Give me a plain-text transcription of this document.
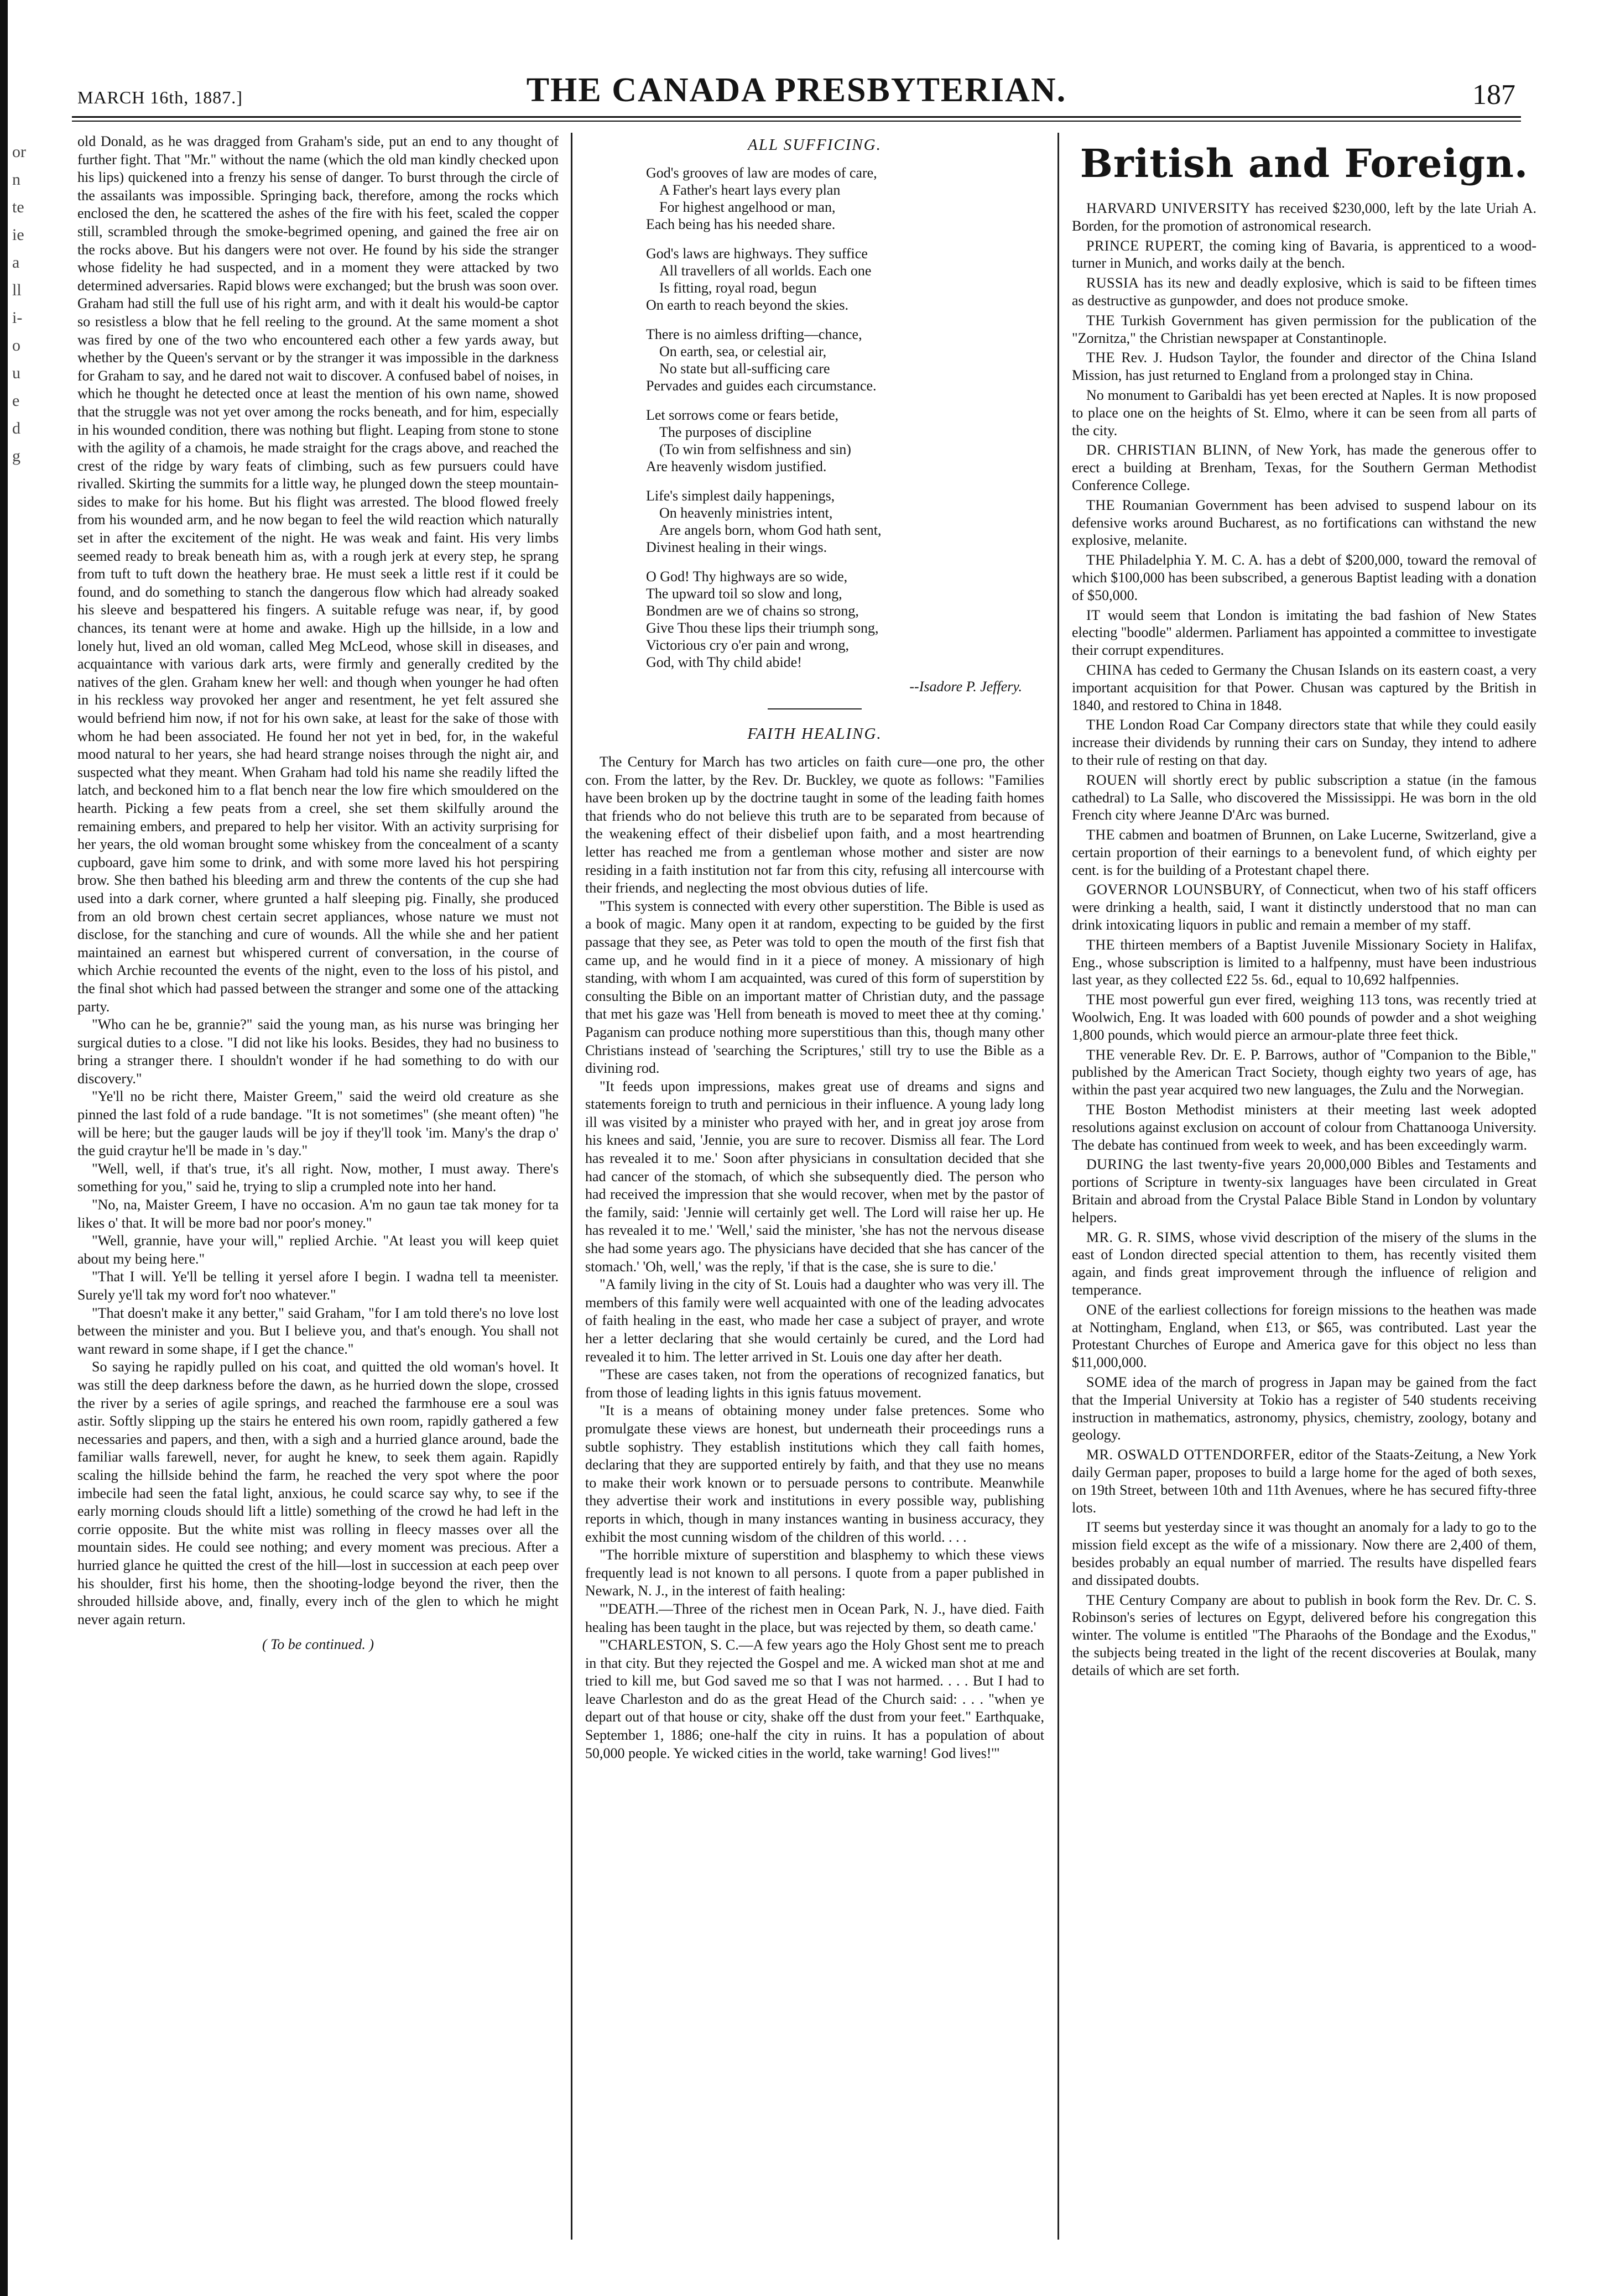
or
n
te
ie
a
ll
i-
o
u
e
d
g
MARCH 16th, 1887.]	THE CANADA PRESBYTERIAN.	187

old Donald, as he was dragged from Graham's side, put an end to any thought of further fight. That "Mr." without the name (which the old man kindly checked upon his lips) quickened into a frenzy his sense of danger. To burst through the circle of the assailants was impossible. Springing back, therefore, among the rocks which enclosed the den, he scattered the ashes of the fire with his feet, scaled the copper still, scrambled through the smoke-begrimed opening, and gained the free air on the rocks above. But his dangers were not over. He found by his side the stranger whose fidelity he had suspected, and in a moment they were attacked by two determined adversaries. Rapid blows were exchanged; but the brush was soon over. Graham had still the full use of his right arm, and with it dealt his would-be captor so resistless a blow that he fell reeling to the ground. At the same moment a shot was fired by one of the two who encountered each other a few yards away, but whether by the Queen's servant or by the stranger it was impossible in the darkness for Graham to say, and he dared not wait to discover. A confused babel of noises, in which he thought he detected once at least the mention of his own name, showed that the struggle was not yet over among the rocks beneath, and for him, especially in his wounded condition, there was nothing but flight. Leaping from stone to stone with the agility of a chamois, he made straight for the crags above, and reached the crest of the ridge by wary feats of climbing, such as few pursuers could have rivalled. Skirting the summits for a little way, he plunged down the steep mountain-sides to make for his home. But his flight was arrested. The blood flowed freely from his wounded arm, and he now began to feel the wild reaction which naturally set in after the excitement of the night. He was weak and faint. His very limbs seemed ready to break beneath him as, with a rough jerk at every step, he sprang from tuft to tuft down the heathery brae. He must seek a little rest if it could be found, and do something to stanch the dangerous flow which had already soaked his sleeve and bespattered his fingers. A suitable refuge was near, if, by good chances, its tenant were at home and awake. High up the hillside, in a low and lonely hut, lived an old woman, called Meg McLeod, whose skill in diseases, and acquaintance with various dark arts, were firmly and generally credited by the natives of the glen. Graham knew her well: and though when younger he had often in his reckless way provoked her anger and resentment, he yet felt assured she would befriend him now, if not for his own sake, at least for the sake of those with whom he had been associated. He found her not yet in bed, for, in the wakeful mood natural to her years, she had heard strange noises through the night air, and suspected what they meant. When Graham had told his name she readily lifted the latch, and beckoned him to a flat bench near the low fire which smouldered on the hearth. Picking a few peats from a creel, she set them skilfully around the remaining embers, and prepared to help her visitor. With an activity surprising for her years, the old woman brought some whiskey from the concealment of a scanty cupboard, gave him some to drink, and with some more laved his hot perspiring brow. She then bathed his bleeding arm and threw the contents of the cup she had used into a dark corner, where grunted a half sleeping pig. Finally, she produced from an old brown chest certain secret appliances, whose nature we must not disclose, for the stanching and cure of wounds. All the while she and her patient maintained an earnest but whispered current of conversation, in the course of which Archie recounted the events of the night, even to the loss of his pistol, and the final shot which had passed between the stranger and some one of the attacking party.

"Who can he be, grannie?" said the young man, as his nurse was bringing her surgical duties to a close. "I did not like his looks. Besides, they had no business to bring a stranger there. I shouldn't wonder if he had something to do with our discovery."

"Ye'll no be richt there, Maister Greem," said the weird old creature as she pinned the last fold of a rude bandage. "It is not sometimes" (she meant often) "he will be here; but the gauger lauds will be joy if they'll took 'im. Many's the drap o' the guid craytur he'll be made in 's day."

"Well, well, if that's true, it's all right. Now, mother, I must away. There's something for you," said he, trying to slip a crumpled note into her hand.

"No, na, Maister Greem, I have no occasion. A'm no gaun tae tak money for ta likes o' that. It will be more bad nor poor's money."

"Well, grannie, have your will," replied Archie. "At least you will keep quiet about my being here."

"That I will. Ye'll be telling it yersel afore I begin. I wadna tell ta meenister. Surely ye'll tak my word for't noo whatever."

"That doesn't make it any better," said Graham, "for I am told there's no love lost between the minister and you. But I believe you, and that's enough. You shall not want reward in some shape, if I get the chance."

So saying he rapidly pulled on his coat, and quitted the old woman's hovel. It was still the deep darkness before the dawn, as he hurried down the slope, crossed the river by a series of agile springs, and reached the farmhouse ere a soul was astir. Softly slipping up the stairs he entered his own room, rapidly gathered a few necessaries and papers, and then, with a sigh and a hurried glance around, bade the familiar walls farewell, never, for aught he knew, to seek them again. Rapidly scaling the hillside behind the farm, he reached the very spot where the poor imbecile had seen the fatal light, anxious, he could scarce say why, to see if the early morning clouds should lift a little) something of the crowd he had left in the corrie opposite. But the white mist was rolling in fleecy masses over all the mountain sides. He could see nothing; and every moment was precious. After a hurried glance he quitted the crest of the hill—lost in succession at each peep over his shoulder, first his home, then the shooting-lodge beyond the river, then the shrouded hillside above, and, finally, every inch of the glen to which he might never again return.

( To be continued. )
ALL SUFFICING.
God's grooves of law are modes of care,
A Father's heart lays every plan
For highest angelhood or man,
Each being has his needed share.
God's laws are highways. They suffice
All travellers of all worlds. Each one
Is fitting, royal road, begun
On earth to reach beyond the skies.
There is no aimless drifting—chance,
On earth, sea, or celestial air,
No state but all-sufficing care
Pervades and guides each circumstance.
Let sorrows come or fears betide,
The purposes of discipline
(To win from selfishness and sin)
Are heavenly wisdom justified.
Life's simplest daily happenings,
On heavenly ministries intent,
Are angels born, whom God hath sent,
Divinest healing in their wings.
O God! Thy highways are so wide,
The upward toil so slow and long,
Bondmen are we of chains so strong,
Give Thou these lips their triumph song,
Victorious cry o'er pain and wrong,
God, with Thy child abide!
--Isadore P. Jeffery.
FAITH HEALING.

The Century for March has two articles on faith cure—one pro, the other con. From the latter, by the Rev. Dr. Buckley, we quote as follows: "Families have been broken up by the doctrine taught in some of the leading faith homes that friends who do not believe this truth are to be separated from because of the weakening effect of their disbelief upon faith, and a most heartrending letter has reached me from a gentleman whose mother and sister are now residing in a faith institution not far from this city, refusing all intercourse with their friends, and neglecting the most obvious duties of life.

"This system is connected with every other superstition. The Bible is used as a book of magic. Many open it at random, expecting to be guided by the first passage that they see, as Peter was told to open the mouth of the first fish that came up, and he would find in it a piece of money. A missionary of high standing, with whom I am acquainted, was cured of this form of superstition by consulting the Bible on an important matter of Christian duty, and the passage that met his gaze was 'Hell from beneath is moved to meet thee at thy coming.' Paganism can produce nothing more superstitious than this, though many other Christians instead of 'searching the Scriptures,' still try to use the Bible as a divining rod.

"It feeds upon impressions, makes great use of dreams and signs and statements foreign to truth and pernicious in their influence. A young lady long ill was visited by a minister who prayed with her, and in great joy arose from his knees and said, 'Jennie, you are sure to recover. Dismiss all fear. The Lord has revealed it to me.' Soon after physicians in consultation decided that she had cancer of the stomach, of which she subsequently died. The person who had received the impression that she would recover, when met by the pastor of the family, said: 'Jennie will certainly get well. The Lord will raise her up. He has revealed it to me.' 'Well,' said the minister, 'she has not the nervous disease she had some years ago. The physicians have decided that she has cancer of the stomach.' 'Oh, well,' was the reply, 'if that is the case, she is sure to die.'

"A family living in the city of St. Louis had a daughter who was very ill. The members of this family were well acquainted with one of the leading advocates of faith healing in the east, who made her case a subject of prayer, and wrote her a letter declaring that she would certainly be cured, and the Lord had revealed it to him. The letter arrived in St. Louis one day after her death.

"These are cases taken, not from the operations of recognized fanatics, but from those of leading lights in this ignis fatuus movement.

"It is a means of obtaining money under false pretences. Some who promulgate these views are honest, but underneath their proceedings runs a subtle sophistry. They establish institutions which they call faith homes, declaring that they are supported entirely by faith, and that they use no means to make their work known or to persuade persons to contribute. Meanwhile they advertise their work and institutions in every possible way, publishing reports in which, though in many instances wanting in business accuracy, they exhibit the most cunning wisdom of the children of this world. . . .

"The horrible mixture of superstition and blasphemy to which these views frequently lead is not known to all persons. I quote from a paper published in Newark, N. J., in the interest of faith healing:

"'DEATH.—Three of the richest men in Ocean Park, N. J., have died. Faith healing has been taught in the place, but was rejected by them, so death came.'

"'CHARLESTON, S. C.—A few years ago the Holy Ghost sent me to preach in that city. But they rejected the Gospel and me. A wicked man shot at me and tried to kill me, but God saved me so that I was not harmed. . . . But I had to leave Charleston and do as the great Head of the Church said: . . . "when ye depart out of that house or city, shake off the dust from your feet." Earthquake, September 1, 1886; one-half the city in ruins. It has a population of about 50,000 people. Ye wicked cities in the world, take warning! God lives!'"

British and Foreign.
HARVARD UNIVERSITY has received $230,000, left by the late Uriah A. Borden, for the promotion of astronomical research.
PRINCE RUPERT, the coming king of Bavaria, is apprenticed to a wood-turner in Munich, and works daily at the bench.
RUSSIA has its new and deadly explosive, which is said to be fifteen times as destructive as gunpowder, and does not produce smoke.
THE Turkish Government has given permission for the publication of the "Zornitza," the Christian newspaper at Constantinople.
THE Rev. J. Hudson Taylor, the founder and director of the China Island Mission, has just returned to England from a prolonged stay in China.
No monument to Garibaldi has yet been erected at Naples. It is now proposed to place one on the heights of St. Elmo, where it can be seen from all parts of the city.
DR. CHRISTIAN BLINN, of New York, has made the generous offer to erect a building at Brenham, Texas, for the Southern German Methodist Conference College.
THE Roumanian Government has been advised to suspend labour on its defensive works around Bucharest, as no fortifications can withstand the new explosive, melanite.
THE Philadelphia Y. M. C. A. has a debt of $200,000, toward the removal of which $100,000 has been subscribed, a generous Baptist leading with a donation of $50,000.
IT would seem that London is imitating the bad fashion of New States electing "boodle" aldermen. Parliament has appointed a committee to investigate their corrupt expenditures.
CHINA has ceded to Germany the Chusan Islands on its eastern coast, a very important acquisition for that Power. Chusan was captured by the British in 1840, and restored to China in 1848.
THE London Road Car Company directors state that while they could easily increase their dividends by running their cars on Sunday, they intend to adhere to their rule of resting on that day.
ROUEN will shortly erect by public subscription a statue (in the famous cathedral) to La Salle, who discovered the Mississippi. He was born in the old French city where Jeanne D'Arc was burned.
THE cabmen and boatmen of Brunnen, on Lake Lucerne, Switzerland, give a certain proportion of their earnings to a benevolent fund, of which eighty per cent. is for the building of a Protestant chapel there.
GOVERNOR LOUNSBURY, of Connecticut, when two of his staff officers were drinking a health, said, I want it distinctly understood that no man can drink intoxicating liquors in public and remain a member of my staff.
THE thirteen members of a Baptist Juvenile Missionary Society in Halifax, Eng., whose subscription is limited to a halfpenny, must have been industrious last year, as they collected £22 5s. 6d., equal to 10,692 halfpennies.
THE most powerful gun ever fired, weighing 113 tons, was recently tried at Woolwich, Eng. It was loaded with 600 pounds of powder and a shot weighing 1,800 pounds, which would pierce an armour-plate three feet thick.
THE venerable Rev. Dr. E. P. Barrows, author of "Companion to the Bible," published by the American Tract Society, though eighty two years of age, has within the past year acquired two new languages, the Zulu and the Norwegian.
THE Boston Methodist ministers at their meeting last week adopted resolutions against exclusion on account of colour from Chattanooga University. The debate has continued from week to week, and has been exceedingly warm.
DURING the last twenty-five years 20,000,000 Bibles and Testaments and portions of Scripture in twenty-six languages have been circulated in Great Britain and abroad from the Crystal Palace Bible Stand in London by voluntary helpers.
MR. G. R. SIMS, whose vivid description of the misery of the slums in the east of London directed special attention to them, has recently visited them again, and finds great improvement through the influence of religion and temperance.
ONE of the earliest collections for foreign missions to the heathen was made at Nottingham, England, when £13, or $65, was contributed. Last year the Protestant Churches of Europe and America gave for this object no less than $11,000,000.
SOME idea of the march of progress in Japan may be gained from the fact that the Imperial University at Tokio has a register of 540 students receiving instruction in mathematics, astronomy, physics, chemistry, zoology, botany and geology.
MR. OSWALD OTTENDORFER, editor of the Staats-Zeitung, a New York daily German paper, proposes to build a large home for the aged of both sexes, on 19th Street, between 10th and 11th Avenues, where he has secured fifty-three lots.
IT seems but yesterday since it was thought an anomaly for a lady to go to the mission field except as the wife of a missionary. Now there are 2,400 of them, besides probably an equal number of married. The results have dispelled fears and dissipated doubts.
THE Century Company are about to publish in book form the Rev. Dr. C. S. Robinson's series of lectures on Egypt, delivered before his congregation this winter. The volume is entitled "The Pharaohs of the Bondage and the Exodus," the subjects being treated in the light of the recent discoveries at Boulak, many details of which are set forth.
